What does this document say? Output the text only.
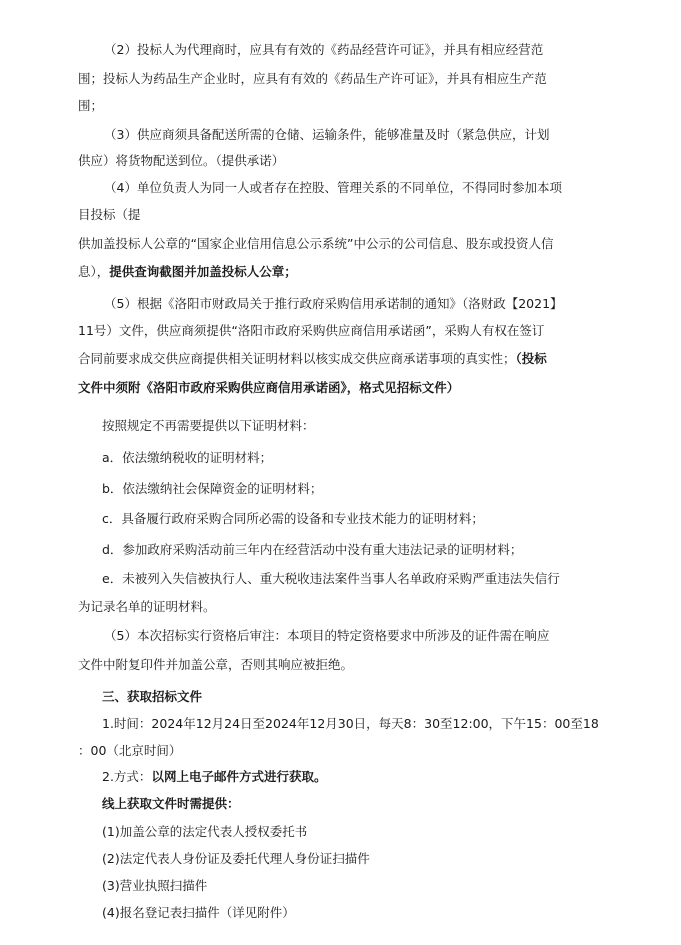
（2）投标人为代理商时，应具有有效的《药品经营许可证》，并具有相应经营范
围；投标人为药品生产企业时，应具有有效的《药品生产许可证》，并具有相应生产范
围；
（3）供应商须具备配送所需的仓储、运输条件，能够准量及时（紧急供应，计划
供应）将货物配送到位。（提供承诺）
（4）单位负责人为同一人或者存在控股、管理关系的不同单位，不得同时参加本项
目投标（提
供加盖投标人公章的“国家企业信用信息公示系统”中公示的公司信息、股东或投资人信
息），提供查询截图并加盖投标人公章；
（5）根据《洛阳市财政局关于推行政府采购信用承诺制的通知》（洛财政【2021】
11号）文件，供应商须提供“洛阳市政府采购供应商信用承诺函”，采购人有权在签订
合同前要求成交供应商提供相关证明材料以核实成交供应商承诺事项的真实性；（投标
文件中须附《洛阳市政府采购供应商信用承诺函》，格式见招标文件）
按照规定不再需要提供以下证明材料：
a．依法缴纳税收的证明材料；
b．依法缴纳社会保障资金的证明材料；
c．具备履行政府采购合同所必需的设备和专业技术能力的证明材料；
d．参加政府采购活动前三年内在经营活动中没有重大违法记录的证明材料；
e．未被列入失信被执行人、重大税收违法案件当事人名单政府采购严重违法失信行
为记录名单的证明材料。
（5）本次招标实行资格后审注：本项目的特定资格要求中所涉及的证件需在响应
文件中附复印件并加盖公章，否则其响应被拒绝。
三、获取招标文件
1.时间：2024年12月24日至2024年12月30日，每天8：30至12:00，下午15：00至18
：00（北京时间）
2.方式：以网上电子邮件方式进行获取。
线上获取文件时需提供：
(1)加盖公章的法定代表人授权委托书
(2)法定代表人身份证及委托代理人身份证扫描件
(3)营业执照扫描件
(4)报名登记表扫描件（详见附件）
